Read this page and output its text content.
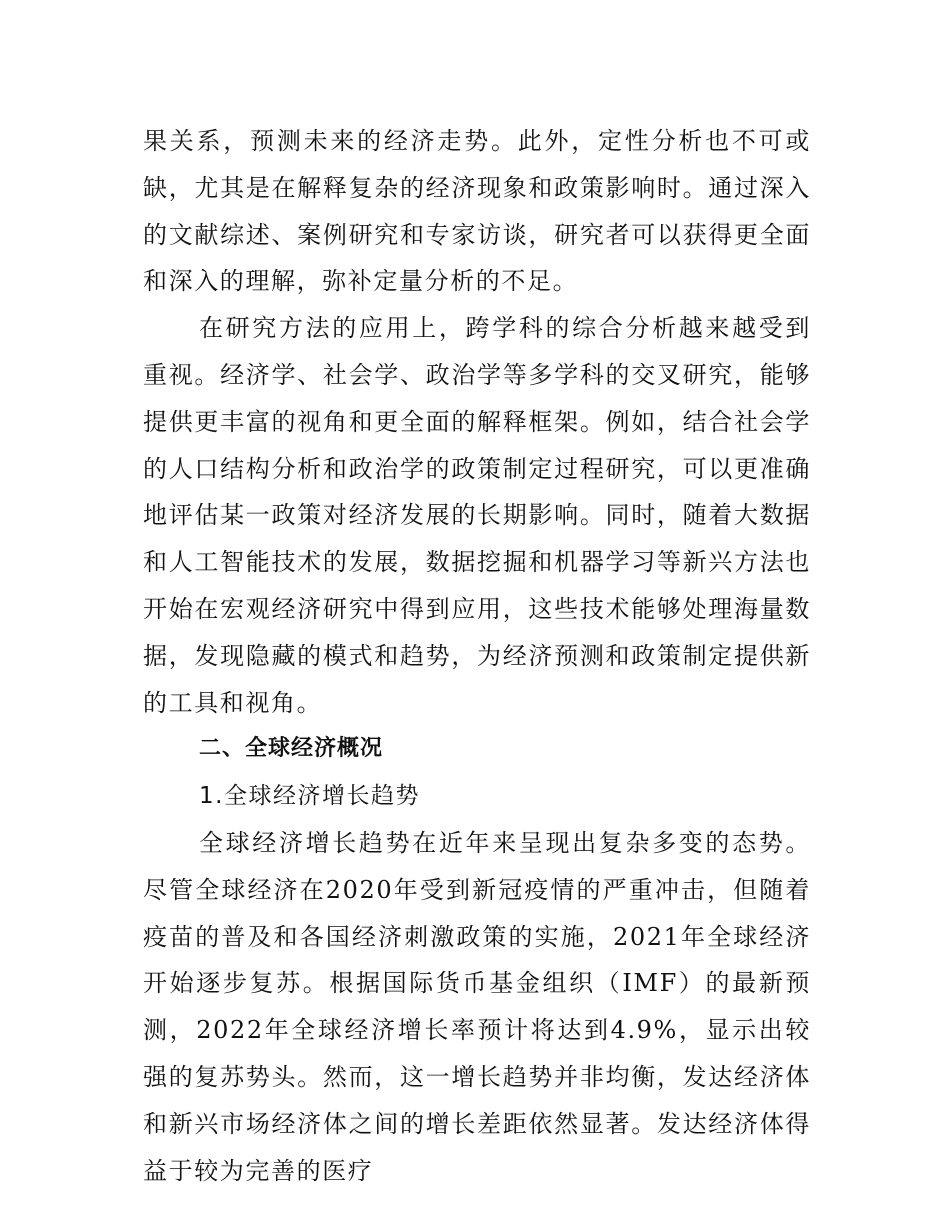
果关系，预测未来的经济走势。此外，定性分析也不可或缺，尤其是在解释复杂的经济现象和政策影响时。通过深入的文献综述、案例研究和专家访谈，研究者可以获得更全面和深入的理解，弥补定量分析的不足。

在研究方法的应用上，跨学科的综合分析越来越受到重视。经济学、社会学、政治学等多学科的交叉研究，能够提供更丰富的视角和更全面的解释框架。例如，结合社会学的人口结构分析和政治学的政策制定过程研究，可以更准确地评估某一政策对经济发展的长期影响。同时，随着大数据和人工智能技术的发展，数据挖掘和机器学习等新兴方法也开始在宏观经济研究中得到应用，这些技术能够处理海量数据，发现隐藏的模式和趋势，为经济预测和政策制定提供新的工具和视角。

二、全球经济概况

1.全球经济增长趋势

全球经济增长趋势在近年来呈现出复杂多变的态势。尽管全球经济在2020年受到新冠疫情的严重冲击，但随着疫苗的普及和各国经济刺激政策的实施，2021年全球经济开始逐步复苏。根据国际货币基金组织（IMF）的最新预测，2022年全球经济增长率预计将达到4.9%，显示出较强的复苏势头。然而，这一增长趋势并非均衡，发达经济体和新兴市场经济体之间的增长差距依然显著。发达经济体得益于较为完善的医疗
